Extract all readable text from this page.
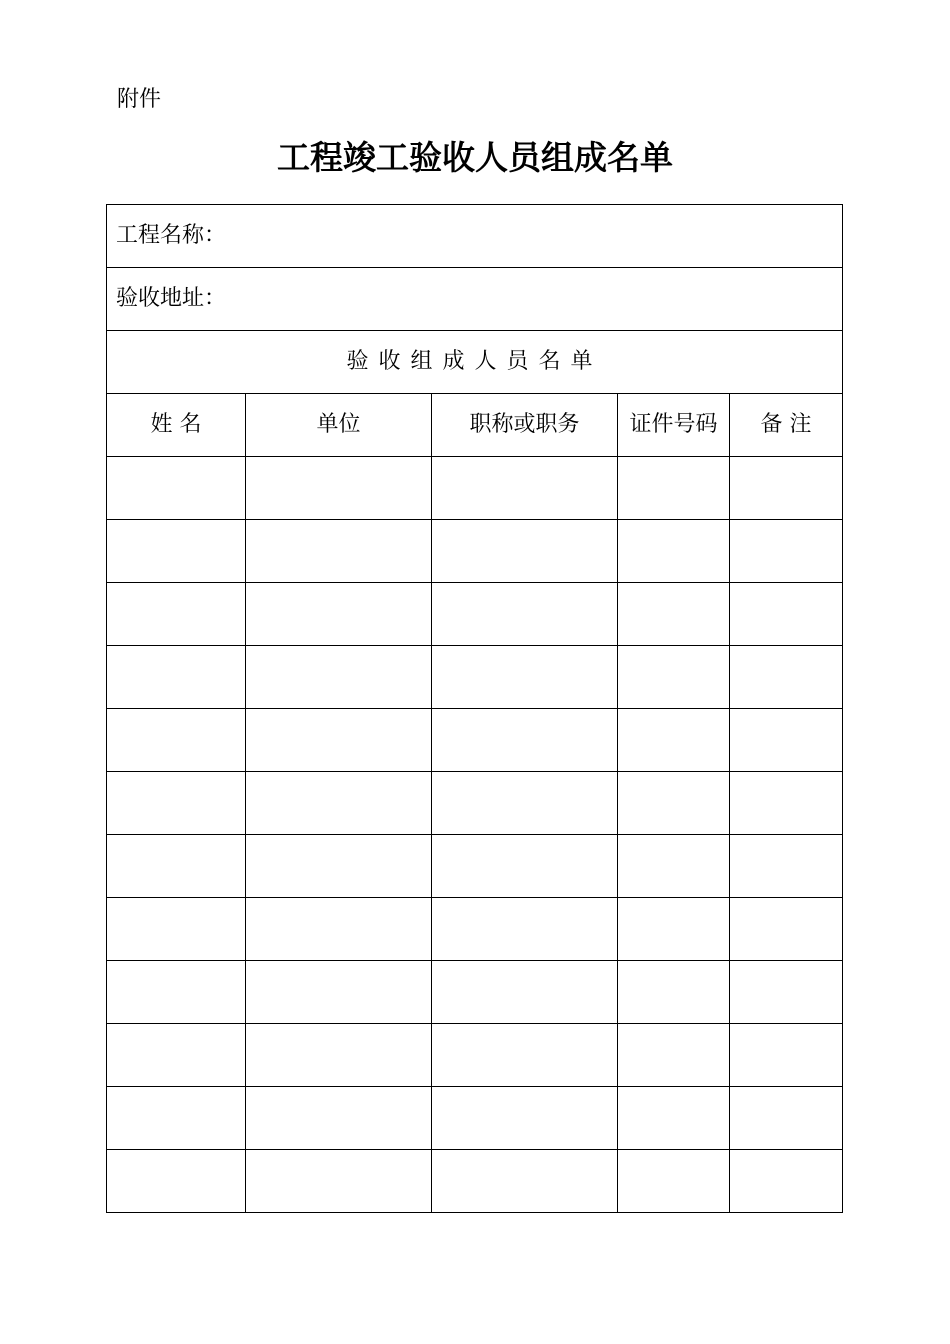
附件
工程竣工验收人员组成名单
工程名称：				
验收地址：				
验收组成人员名单				
姓 名	单位	职称或职务	证件号码	备 注
